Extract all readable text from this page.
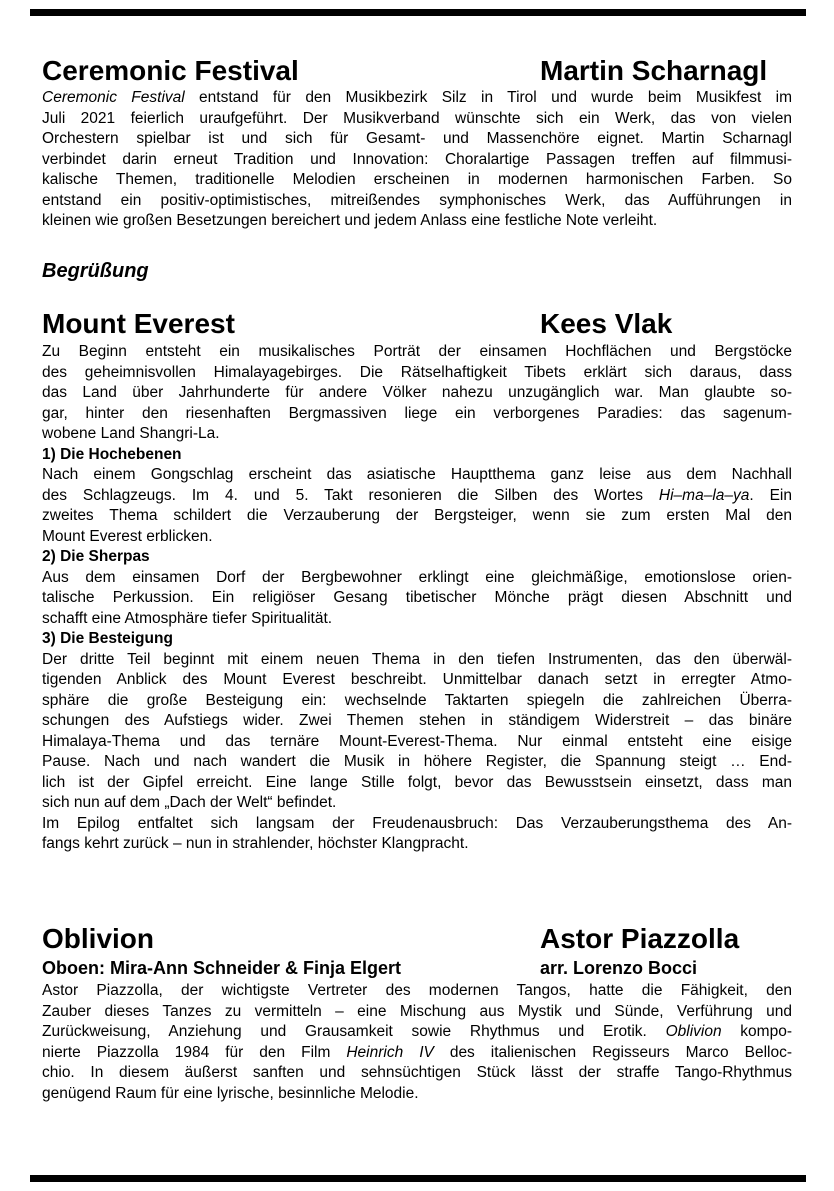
Ceremonic Festival	Martin Scharnagl
Ceremonic Festival entstand für den Musikbezirk Silz in Tirol und wurde beim Musikfest im
Juli 2021 feierlich uraufgeführt. Der Musikverband wünschte sich ein Werk, das von vielen
Orchestern spielbar ist und sich für Gesamt- und Massenchöre eignet. Martin Scharnagl
verbindet darin erneut Tradition und Innovation: Choralartige Passagen treffen auf filmmusi-
kalische Themen, traditionelle Melodien erscheinen in modernen harmonischen Farben. So
entstand ein positiv-optimistisches, mitreißendes symphonisches Werk, das Aufführungen in
kleinen wie großen Besetzungen bereichert und jedem Anlass eine festliche Note verleiht.
Begrüßung
Mount Everest	Kees Vlak
Zu Beginn entsteht ein musikalisches Porträt der einsamen Hochflächen und Bergstöcke
des geheimnisvollen Himalayagebirges. Die Rätselhaftigkeit Tibets erklärt sich daraus, dass
das Land über Jahrhunderte für andere Völker nahezu unzugänglich war. Man glaubte so-
gar, hinter den riesenhaften Bergmassiven liege ein verborgenes Paradies: das sagenum-
wobene Land Shangri-La.
1) Die Hochebenen
Nach einem Gongschlag erscheint das asiatische Hauptthema ganz leise aus dem Nachhall
des Schlagzeugs. Im 4. und 5. Takt resonieren die Silben des Wortes Hi–ma–la–ya. Ein
zweites Thema schildert die Verzauberung der Bergsteiger, wenn sie zum ersten Mal den
Mount Everest erblicken.
2) Die Sherpas
Aus dem einsamen Dorf der Bergbewohner erklingt eine gleichmäßige, emotionslose orien-
talische Perkussion. Ein religiöser Gesang tibetischer Mönche prägt diesen Abschnitt und
schafft eine Atmosphäre tiefer Spiritualität.
3) Die Besteigung
Der dritte Teil beginnt mit einem neuen Thema in den tiefen Instrumenten, das den überwäl-
tigenden Anblick des Mount Everest beschreibt. Unmittelbar danach setzt in erregter Atmo-
sphäre die große Besteigung ein: wechselnde Taktarten spiegeln die zahlreichen Überra-
schungen des Aufstiegs wider. Zwei Themen stehen in ständigem Widerstreit – das binäre
Himalaya-Thema und das ternäre Mount-Everest-Thema. Nur einmal entsteht eine eisige
Pause. Nach und nach wandert die Musik in höhere Register, die Spannung steigt … End-
lich ist der Gipfel erreicht. Eine lange Stille folgt, bevor das Bewusstsein einsetzt, dass man
sich nun auf dem „Dach der Welt“ befindet.
Im Epilog entfaltet sich langsam der Freudenausbruch: Das Verzauberungsthema des An-
fangs kehrt zurück – nun in strahlender, höchster Klangpracht.
Oblivion	Astor Piazzolla
Oboen: Mira-Ann Schneider & Finja Elgert	arr. Lorenzo Bocci
Astor Piazzolla, der wichtigste Vertreter des modernen Tangos, hatte die Fähigkeit, den
Zauber dieses Tanzes zu vermitteln – eine Mischung aus Mystik und Sünde, Verführung und
Zurückweisung, Anziehung und Grausamkeit sowie Rhythmus und Erotik. Oblivion kompo-
nierte Piazzolla 1984 für den Film Heinrich IV des italienischen Regisseurs Marco Belloc-
chio. In diesem äußerst sanften und sehnsüchtigen Stück lässt der straffe Tango-Rhythmus
genügend Raum für eine lyrische, besinnliche Melodie.
